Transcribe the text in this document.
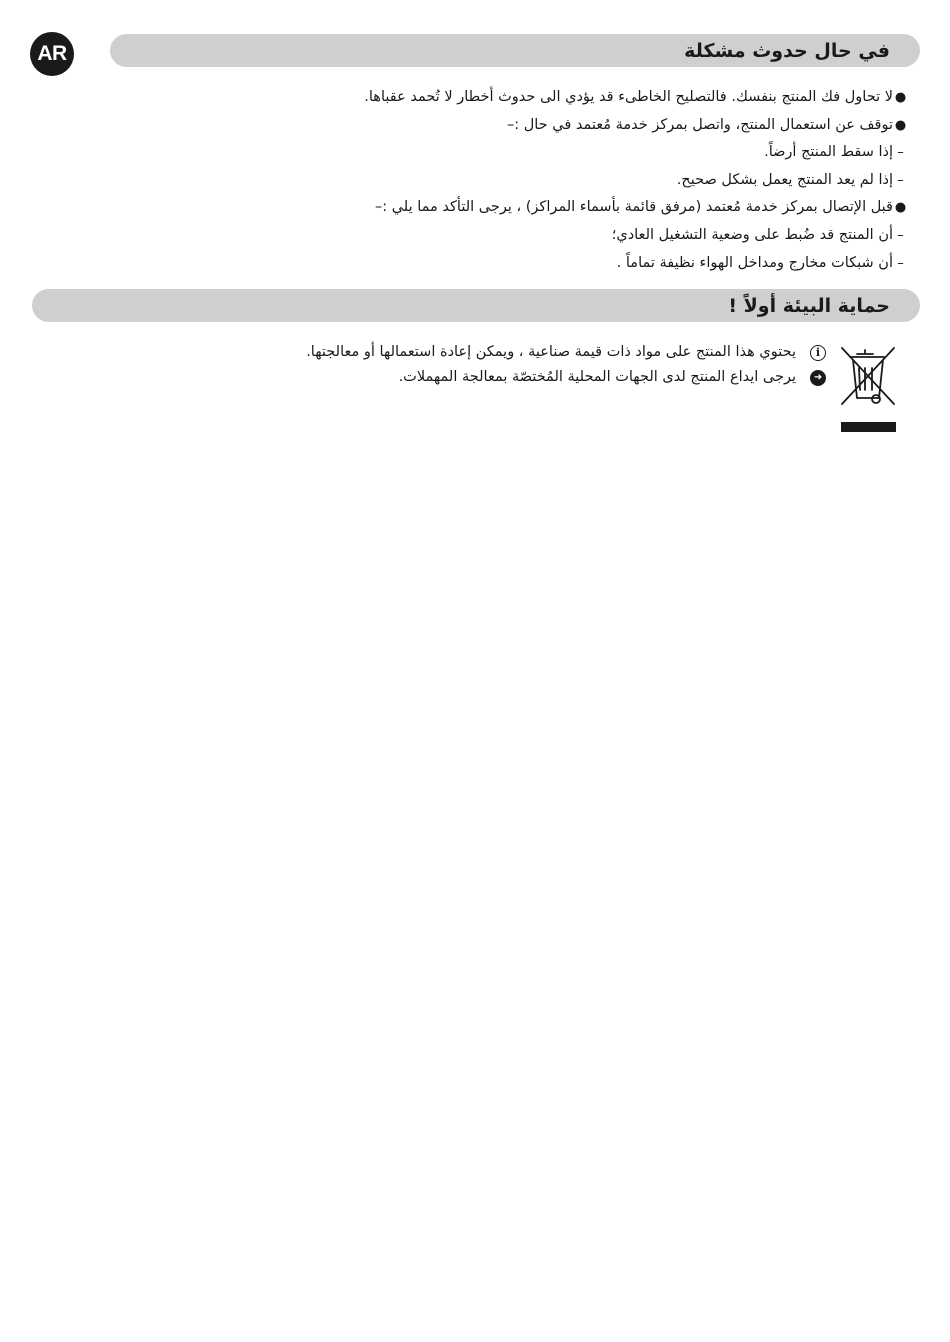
AR	في حال حدوث مشكلة
●لا تحاول فك المنتج بنفسك. فالتصليح الخاطىء قد يؤدي الى حدوث أخطار لا تُحمد عقباها.
●توقف عن استعمال المنتج، واتصل بمركز خدمة مُعتمد في حال :–
–إذا سقط المنتج أرضاً.
–إذا لم يعد المنتج يعمل بشكل صحيح.
●قبل الإتصال بمركز خدمة مُعتمد (مرفق قائمة بأسماء المراكز) ، يرجى التأكد مما يلي :–
–أن المنتج قد ضُبط على وضعية التشغيل العادي؛
–أن شبكات مخارج ومداخل الهواء نظيفة تماماً .
حماية البيئة أولاً !
i
يحتوي هذا المنتج على مواد ذات قيمة صناعية ، ويمكن إعادة استعمالها أو معالجتها.
➜
يرجى ايداع المنتج لدى الجهات المحلية المُختصّة بمعالجة المهملات.
